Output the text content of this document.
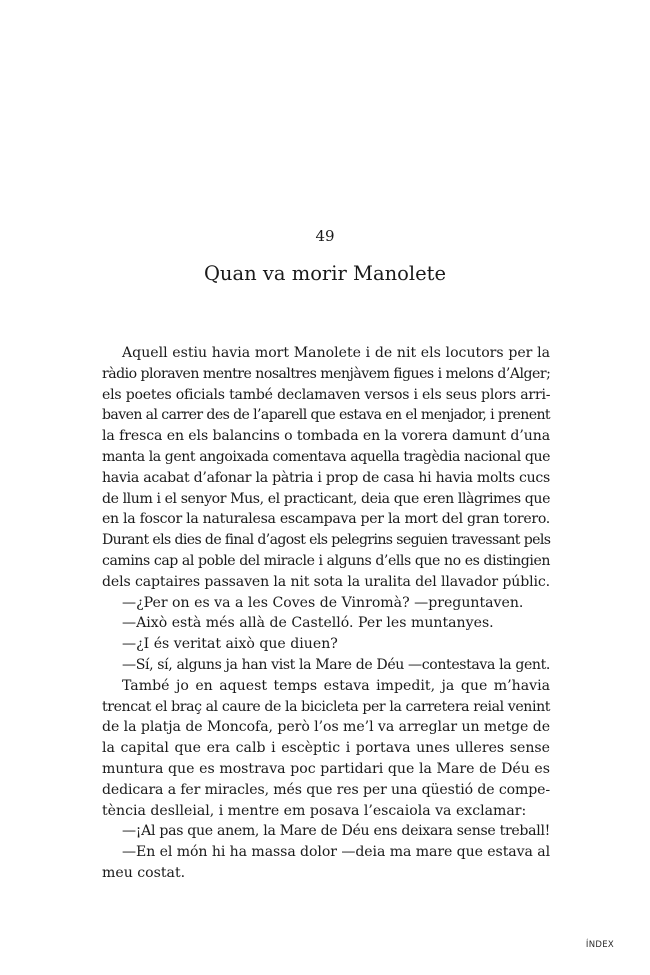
49
Quan va morir Manolete
Aquell estiu havia mort Manolete i de nit els locutors per la
ràdio ploraven mentre nosaltres menjàvem figues i melons d’Alger;
els poetes oficials també declamaven versos i els seus plors arri-
baven al carrer des de l’aparell que estava en el menjador, i prenent
la fresca en els balancins o tombada en la vorera damunt d’una
manta la gent angoixada comentava aquella tragèdia nacional que
havia acabat d’afonar la pàtria i prop de casa hi havia molts cucs
de llum i el senyor Mus, el practicant, deia que eren llàgrimes que
en la foscor la naturalesa escampava per la mort del gran torero.
Durant els dies de final d’agost els pelegrins seguien travessant pels
camins cap al poble del miracle i alguns d’ells que no es distingien
dels captaires passaven la nit sota la uralita del llavador públic.
—¿Per on es va a les Coves de Vinromà? —preguntaven.
—Això està més allà de Castelló. Per les muntanyes.
—¿I és veritat això que diuen?
—Sí, sí, alguns ja han vist la Mare de Déu —contestava la gent.
També jo en aquest temps estava impedit, ja que m’havia
trencat el braç al caure de la bicicleta per la carretera reial venint
de la platja de Moncofa, però l’os me’l va arreglar un metge de
la capital que era calb i escèptic i portava unes ulleres sense
muntura que es mostrava poc partidari que la Mare de Déu es
dedicara a fer miracles, més que res per una qüestió de compe-
tència deslleial, i mentre em posava l’escaiola va exclamar:
—¡Al pas que anem, la Mare de Déu ens deixara sense treball!
—En el món hi ha massa dolor —deia ma mare que estava al
meu costat.
ÍNDEX
